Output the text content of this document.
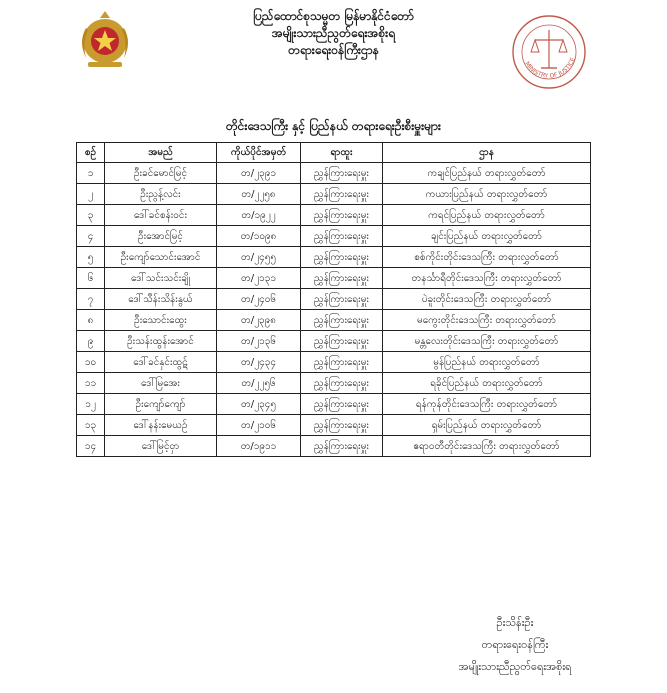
ပြည်ထောင်စုသမ္မတ မြန်မာနိုင်ငံတော်
အမျိုးသားညီညွတ်ရေးအစိုးရ
တရားရေးဝန်ကြီးဌာန
MINISTRY OF JUSTICE
တိုင်းဒေသကြီး နှင့် ပြည်နယ် တရားရေးဦးစီးမှူးများ
စဥ်	အမည်	ကိုယ်ပိုင်အမှတ်	ရာထူး	ဌာန
၁	ဦးခင်မောင်မြင့်	တ/၂၃၉၁	ညွှန်ကြားရေးမှူး	ကချင်ပြည်နယ် တရားလွှတ်တော်
၂	ဦးညွန့်လင်း	တ/၂၂၅၈	ညွှန်ကြားရေးမှူး	ကယားပြည်နယ် တရားလွှတ်တော်
၃	ဒေါ်ခင်စန်းဝင်း	တ/၁၉၂၂	ညွှန်ကြားရေးမှူး	ကရင်ပြည်နယ် တရားလွှတ်တော်
၄	ဦးအောင်မြင့်	တ/၁၀၉၈	ညွှန်ကြားရေးမှူး	ချင်းပြည်နယ် တရားလွှတ်တော်
၅	ဦးကျော်သောင်းအောင်	တ/၂၄၅၅	ညွှန်ကြားရေးမှူး	စစ်ကိုင်းတိုင်းဒေသကြီး တရားလွှတ်တော်
၆	ဒေါ်သင်းသင်းချို	တ/၂၁၃၁	ညွှန်ကြားရေးမှူး	တနင်္သာရီတိုင်းဒေသကြီး တရားလွှတ်တော်
၇	ဒေါ်သီန်းသိန်းနွယ်	တ/၂၄၀၆	ညွှန်ကြားရေးမှူး	ပဲခူးတိုင်းဒေသကြီး တရားလွှတ်တော်
၈	ဦးသောင်းထွေး	တ/၂၃၉၈	ညွှန်ကြားရေးမှူး	မကွေးတိုင်းဒေသကြီး တရားလွှတ်တော်
၉	ဦးသန်းထွန်းအောင်	တ/၂၁၃၆	ညွှန်ကြားရေးမှူး	မန္တလေးတိုင်းဒေသကြီး တရားလွှတ်တော်
၁၀	ဒေါ်ခင်နှင်းထွဋ်	တ/၂၄၃၄	ညွှန်ကြားရေးမှူး	မွန်ပြည်နယ် တရားလွှတ်တော်
၁၁	ဒေါ်မြအေး	တ/၂၂၅၆	ညွှန်ကြားရေးမှူး	ရခိုင်ပြည်နယ် တရားလွှတ်တော်
၁၂	ဦးကျော်ကျော်	တ/၂၃၄၅	ညွှန်ကြားရေးမှူး	ရန်ကုန်တိုင်းဒေသကြီး တရားလွှတ်တော်
၁၃	ဒေါ်နန်းမေယဉ်	တ/၂၁၀၆	ညွှန်ကြားရေးမှူး	ရှမ်းပြည်နယ် တရားလွှတ်တော်
၁၄	ဒေါ်မြင့်ဝှာ	တ/၁၉၁၁	ညွှန်ကြားရေးမှူး	ဧရာဝတီတိုင်းဒေသကြီး တရားလွှတ်တော်
ဦးသိန်းဦး
တရားရေးဝန်ကြီး
အမျိုးသားညီညွတ်ရေးအစိုးရ
